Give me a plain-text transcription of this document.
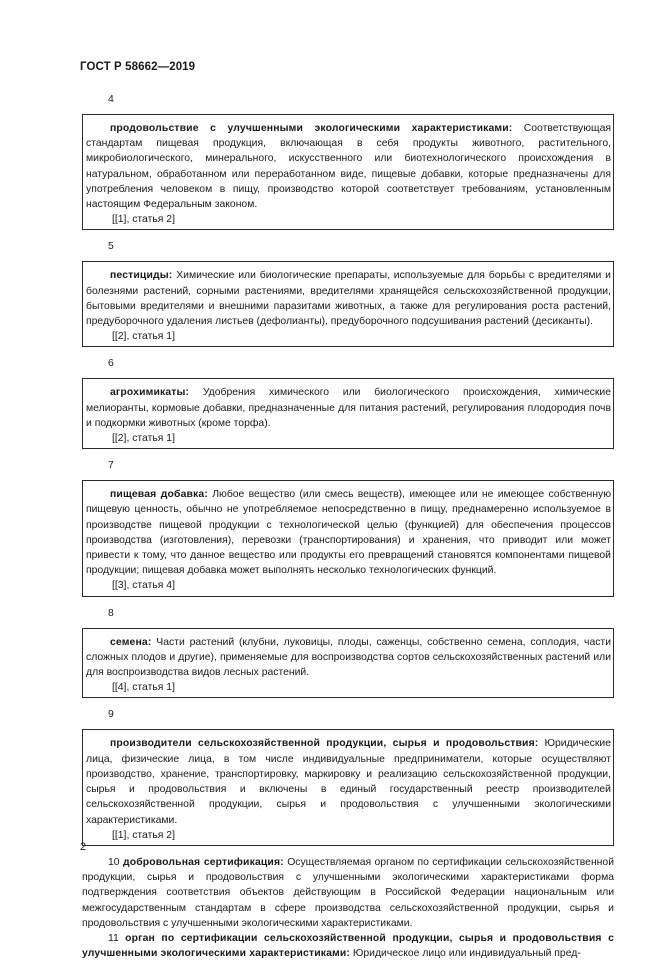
ГОСТ Р 58662—2019
4

продовольствие с улучшенными экологическими характеристиками: Соответствующая стандартам пищевая продукция, включающая в себя продукты животного, растительного, микробиологического, минерального, искусственного или биотехнологического происхождения в натуральном, обработанном или переработанном виде, пищевые добавки, которые предназначены для употребления человеком в пищу, производство которой соответствует требованиям, установленным настоящим Федеральным законом.

[[1], статья 2]
5

пестициды: Химические или биологические препараты, используемые для борьбы с вредителями и болезнями растений, сорными растениями, вредителями хранящейся сельскохозяйственной продукции, бытовыми вредителями и внешними паразитами животных, а также для регулирования роста растений, предуборочного удаления листьев (дефолианты), предуборочного подсушивания растений (десиканты).

[[2], статья 1]
6

агрохимикаты: Удобрения химического или биологического происхождения, химические мелиоранты, кормовые добавки, предназначенные для питания растений, регулирования плодородия почв и подкормки животных (кроме торфа).

[[2], статья 1]
7

пищевая добавка: Любое вещество (или смесь веществ), имеющее или не имеющее собственную пищевую ценность, обычно не употребляемое непосредственно в пищу, преднамеренно используемое в производстве пищевой продукции с технологической целью (функцией) для обеспечения процессов производства (изготовления), перевозки (транспортирования) и хранения, что приводит или может привести к тому, что данное вещество или продукты его превращений становятся компонентами пищевой продукции; пищевая добавка может выполнять несколько технологических функций.

[[3], статья 4]
8

семена: Части растений (клубни, луковицы, плоды, саженцы, собственно семена, соплодия, части сложных плодов и другие), применяемые для воспроизводства сортов сельскохозяйственных растений или для воспроизводства видов лесных растений.

[[4], статья 1]
9

производители сельскохозяйственной продукции, сырья и продовольствия: Юридические лица, физические лица, в том числе индивидуальные предприниматели, которые осуществляют производство, хранение, транспортировку, маркировку и реализацию сельскохозяйственной продукции, сырья и продовольствия и включены в единый государственный реестр производителей сельскохозяйственной продукции, сырья и продовольствия с улучшенными экологическими характеристиками.

[[1], статья 2]

10 добровольная сертификация: Осуществляемая органом по сертификации сельскохозяйственной продукции, сырья и продовольствия с улучшенными экологическими характеристиками форма подтверждения соответствия объектов действующим в Российской Федерации национальным или межгосударственным стандартам в сфере производства сельскохозяйственной продукции, сырья и продовольствия с улучшенными экологическими характеристиками.

11 орган по сертификации сельскохозяйственной продукции, сырья и продовольствия с улучшенными экологическими характеристиками: Юридическое лицо или индивидуальный пред-

2
